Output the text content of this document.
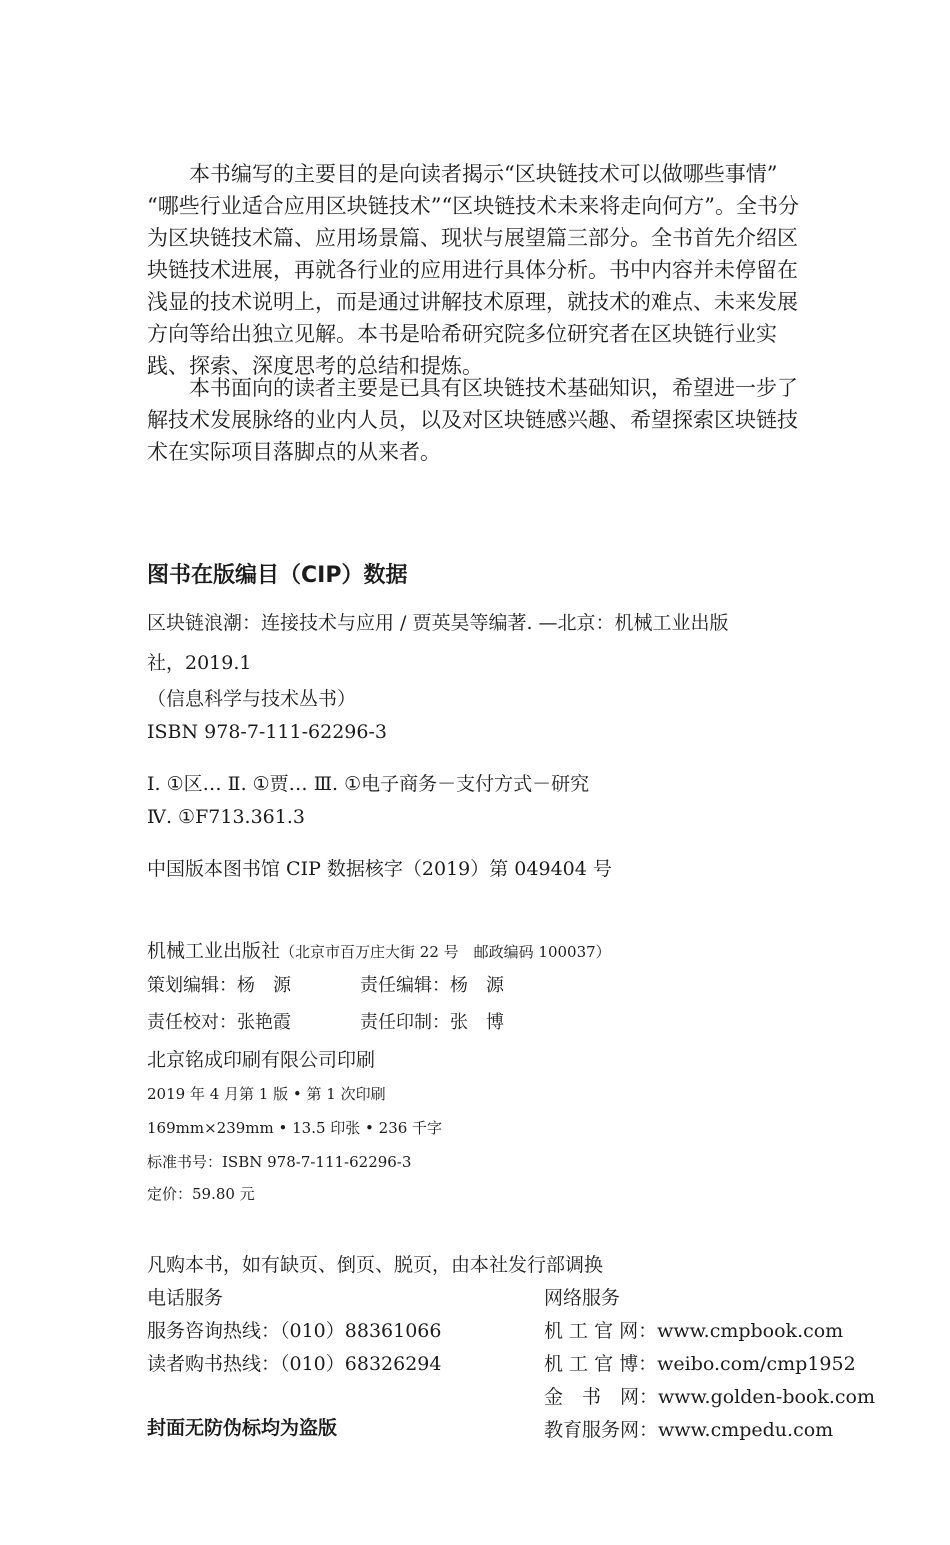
　　本书编写的主要目的是向读者揭示“区块链技术可以做哪些事情”
“哪些行业适合应用区块链技术”“区块链技术未来将走向何方”。全书分
为区块链技术篇、应用场景篇、现状与展望篇三部分。全书首先介绍区
块链技术进展，再就各行业的应用进行具体分析。书中内容并未停留在
浅显的技术说明上，而是通过讲解技术原理，就技术的难点、未来发展
方向等给出独立见解。本书是哈希研究院多位研究者在区块链行业实
践、探索、深度思考的总结和提炼。
　　本书面向的读者主要是已具有区块链技术基础知识，希望进一步了
解技术发展脉络的业内人员，以及对区块链感兴趣、希望探索区块链技
术在实际项目落脚点的从来者。
图书在版编目（CIP）数据
区块链浪潮：连接技术与应用 / 贾英昊等编著. —北京：机械工业出版
社，2019.1
（信息科学与技术丛书）
ISBN 978-7-111-62296-3
Ⅰ. ①区… Ⅱ. ①贾… Ⅲ. ①电子商务－支付方式－研究
Ⅳ. ①F713.361.3
中国版本图书馆 CIP 数据核字（2019）第 049404 号
机械工业出版社（北京市百万庄大街 22 号　邮政编码 100037）
策划编辑：杨　源	责任编辑：杨　源
责任校对：张艳霞	责任印制：张　博
北京铭成印刷有限公司印刷
2019 年 4 月第 1 版 • 第 1 次印刷
169mm×239mm • 13.5 印张 • 236 千字
标准书号：ISBN 978-7-111-62296-3
定价：59.80 元
凡购本书，如有缺页、倒页、脱页，由本社发行部调换
电话服务
服务咨询热线：（010）88361066
读者购书热线：（010）68326294
封面无防伪标均为盗版
网络服务
机 工 官 网：www.cmpbook.com
机 工 官 博：weibo.com/cmp1952
金　书　网：www.golden-book.com
教育服务网：www.cmpedu.com
